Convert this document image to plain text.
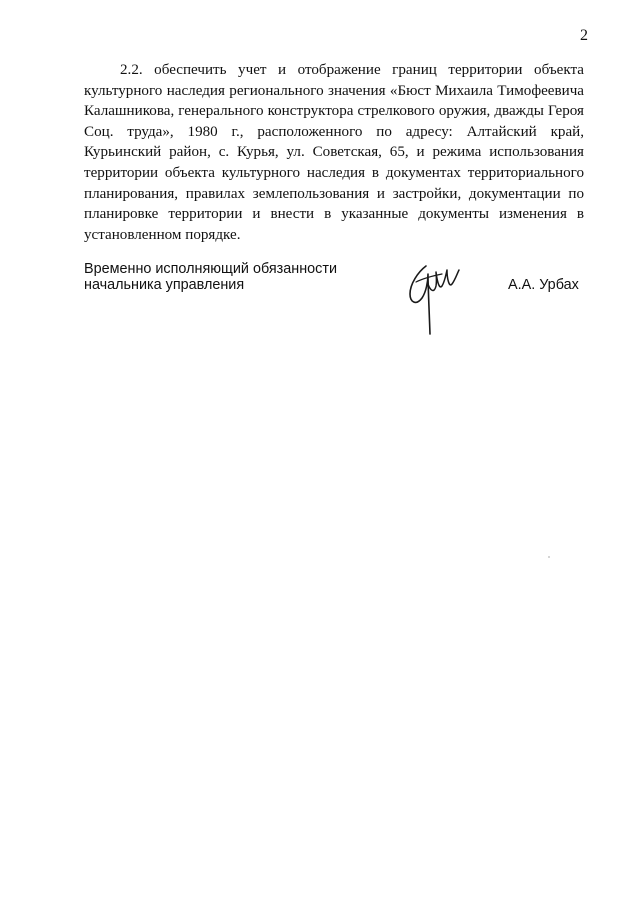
2

2.2. обеспечить учет и отображение границ территории объекта культурного наследия регионального значения «Бюст Михаила Тимофеевича Калашникова, генерального конструктора стрелкового оружия, дважды Героя Соц. труда», 1980 г., расположенного по адресу: Алтайский край, Курьинский район, с. Курья, ул. Советская, 65, и режима использования территории объекта культурного наследия в документах территориального планирования, правилах землепользования и застройки, документации по планировке территории и внести в указанные документы изменения в установленном порядке.

Временно исполняющий обязанности
начальника управления	А.А. Урбах
